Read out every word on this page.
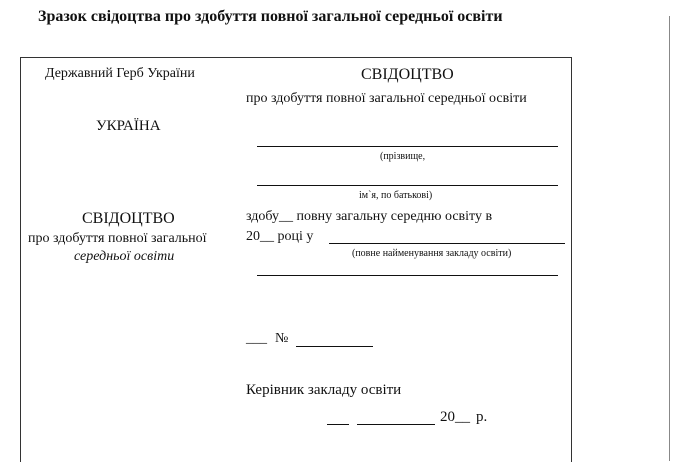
Зразок свідоцтва про здобуття повної загальної середньої освіти
Державний Герб України
УКРАЇНА
СВІДОЦТВО
про здобуття повної загальної
середньої освіти
СВІДОЦТВО
про здобуття повної загальної середньої освіти
(прізвище,
ім`я, по батькові)
здобу__ повну загальну середню освіту в
20__ році у
(повне найменування закладу освіти)
___ №
Керівник закладу освіти
20__ р.
